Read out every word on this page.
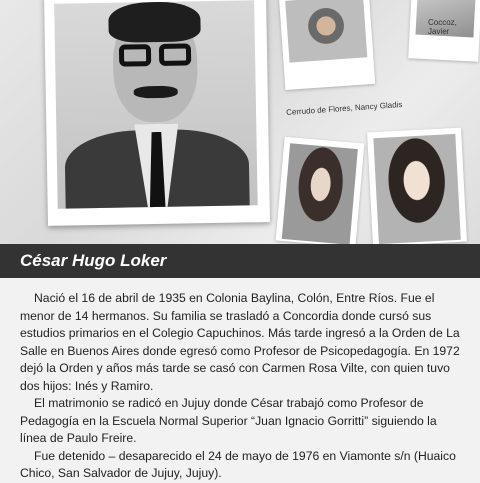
Cerrudo de Flores, Nancy Gladis
Coccoz, Javier
César Hugo Loker

Nació el 16 de abril de 1935 en Colonia Baylina, Colón, Entre Ríos. Fue el menor de 14 hermanos. Su familia se trasladó a Concordia donde cursó sus estudios primarios en el Colegio Capuchinos. Más tarde ingresó a la Orden de La Salle en Buenos Aires donde egresó como Profesor de Psicopedagogía. En 1972 dejó la Orden y años más tarde se casó con Carmen Rosa Vilte, con quien tuvo dos hijos: Inés y Ramiro.

El matrimonio se radicó en Jujuy donde César trabajó como Profesor de Pedagogía en la Escuela Normal Superior “Juan Ignacio Gorritti” siguiendo la línea de Paulo Freire.

Fue detenido – desaparecido el 24 de mayo de 1976 en Viamonte s/n (Huaico Chico, San Salvador de Jujuy, Jujuy).
